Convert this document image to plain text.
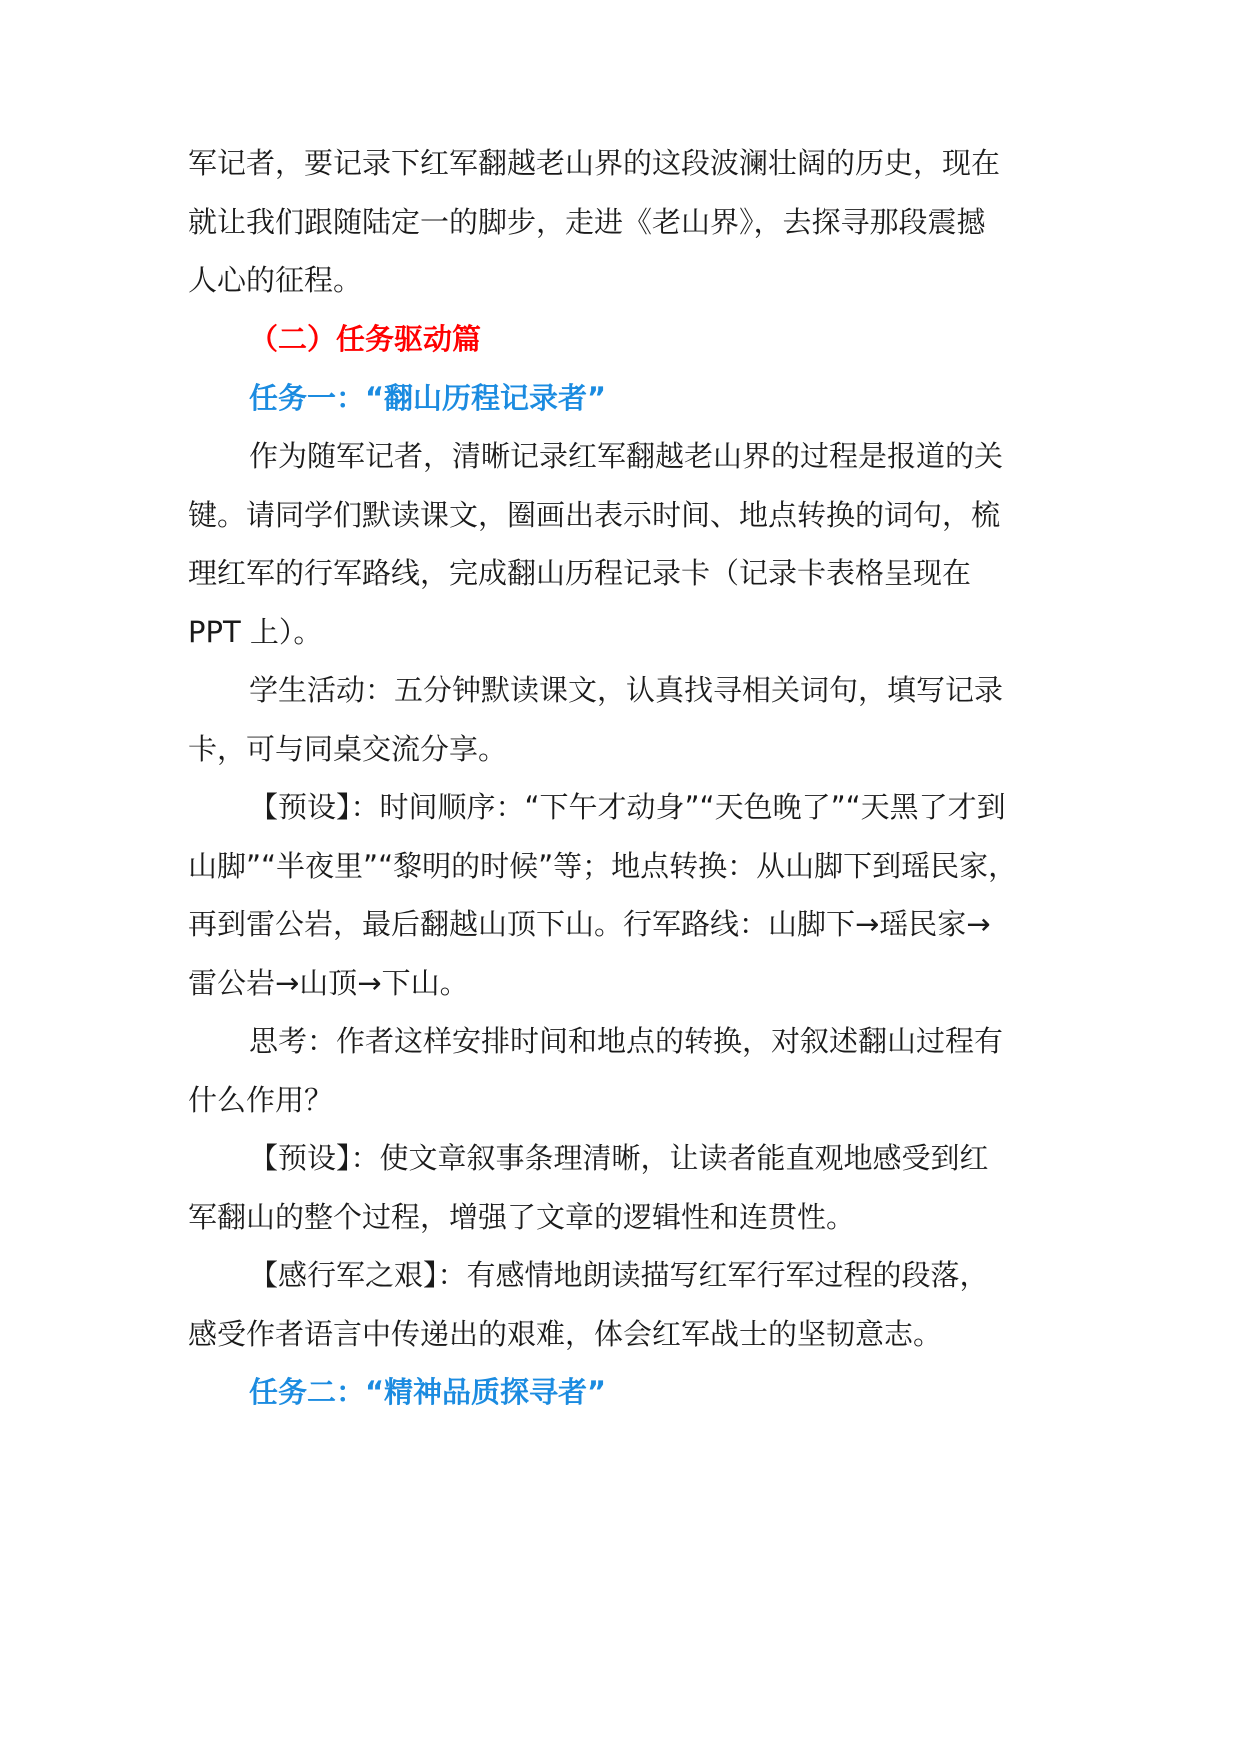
军记者，要记录下红军翻越老山界的这段波澜壮阔的历史，现在

就让我们跟随陆定一的脚步，走进《老山界》，去探寻那段震撼

人心的征程。

（二）任务驱动篇

任务一：“翻山历程记录者”

作为随军记者，清晰记录红军翻越老山界的过程是报道的关

键。请同学们默读课文，圈画出表示时间、地点转换的词句，梳

理红军的行军路线，完成翻山历程记录卡（记录卡表格呈现在

PPT 上）。

学生活动：五分钟默读课文，认真找寻相关词句，填写记录

卡，可与同桌交流分享。

【预设】：时间顺序：“下午才动身”“天色晚了”“天黑了才到

山脚”“半夜里”“黎明的时候”等；地点转换：从山脚下到瑶民家，

再到雷公岩，最后翻越山顶下山。行军路线：山脚下→瑶民家→

雷公岩→山顶→下山。

思考：作者这样安排时间和地点的转换，对叙述翻山过程有

什么作用？

【预设】：使文章叙事条理清晰，让读者能直观地感受到红

军翻山的整个过程，增强了文章的逻辑性和连贯性。

【感行军之艰】：有感情地朗读描写红军行军过程的段落，

感受作者语言中传递出的艰难，体会红军战士的坚韧意志。

任务二：“精神品质探寻者”
